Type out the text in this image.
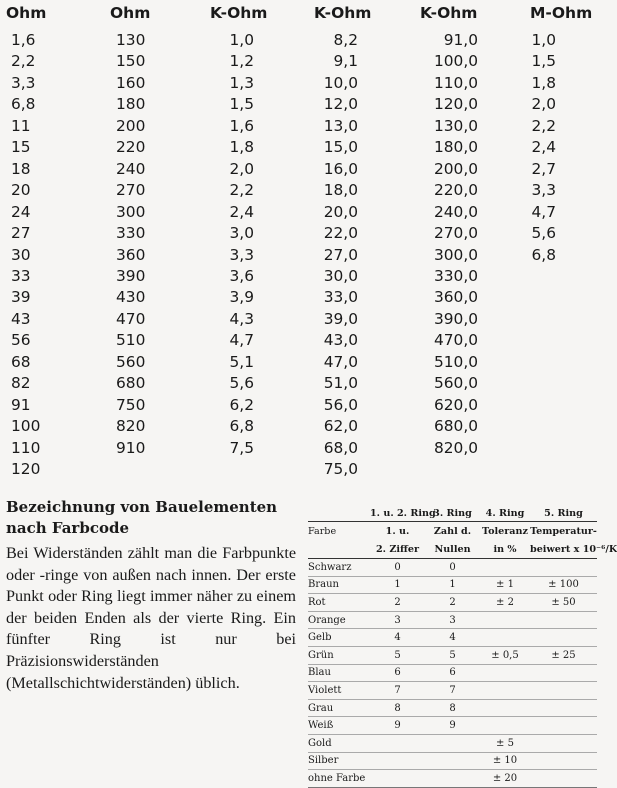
Ohm	Ohm	K-Ohm	K-Ohm	K-Ohm	M-Ohm
1,6	130	1,0	8,2	91,0	1,0
2,2	150	1,2	9,1	100,0	1,5
3,3	160	1,3	10,0	110,0	1,8
6,8	180	1,5	12,0	120,0	2,0
11	200	1,6	13,0	130,0	2,2
15	220	1,8	15,0	180,0	2,4
18	240	2,0	16,0	200,0	2,7
20	270	2,2	18,0	220,0	3,3
24	300	2,4	20,0	240,0	4,7
27	330	3,0	22,0	270,0	5,6
30	360	3,3	27,0	300,0	6,8
33	390	3,6	30,0	330,0	
39	430	3,9	33,0	360,0	
43	470	4,3	39,0	390,0	
56	510	4,7	43,0	470,0	
68	560	5,1	47,0	510,0	
82	680	5,6	51,0	560,0	
91	750	6,2	56,0	620,0	
100	820	6,8	62,0	680,0	
110	910	7,5	68,0	820,0	
120			75,0		
Bezeichnung von Bauelementen nach Farbcode

Bei Widerständen zählt man die Farbpunkte oder -ringe von außen nach innen. Der erste Punkt oder Ring liegt immer näher zu einem der beiden Enden als der vierte Ring. Ein fünfter Ring ist nur bei Präzisionswiderständen (Metallschichtwiderständen) üblich.

	1. u. 2. Ring	3. Ring	4. Ring	5. Ring
Farbe	1. u.	Zahl d.	Toleranz	Temperatur-
	2. Ziffer	Nullen	in %	beiwert x 10⁻⁶/K
Schwarz	0	0		
Braun	1	1	± 1	± 100
Rot	2	2	± 2	± 50
Orange	3	3		
Gelb	4	4		
Grün	5	5	± 0,5	± 25
Blau	6	6		
Violett	7	7		
Grau	8	8		
Weiß	9	9		
Gold			± 5	
Silber			± 10	
ohne Farbe			± 20	
